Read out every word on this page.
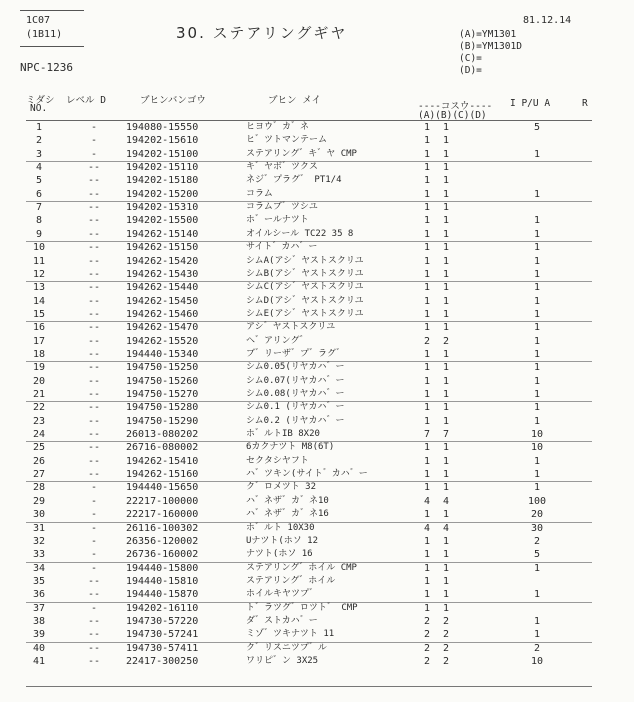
1C07
(1B11)
NPC-1236
30. ステアリングギヤ
81.12.14
(A)=YM1301
(B)=YM1301D
(C)=
(D)=
ミダシ
NO.
レベル D	ブヒンバンゴウ	ブヒン メイ
----コスウ---- I P/U A	R
(A)(B)(C)(D)
1	-	194080-15550	ヒヨウ゛カ゛ネ	1 1	5
2	-	194202-15610	ヒ゛ツトマンテーム	1 1
3	-	194202-15100	ステアリング゛キ゛ヤ CMP	1 1	1
4	--	194202-15110	キ゛ヤボ゛ツクス	1 1
5	--	194202-15180	ネジ゛プラグ゛ PT1/4	1 1
6	--	194202-15200	コラム	1 1	1
7	--	194202-15310	コラムブ゛ツシユ	1 1
8	--	194202-15500	ホ゛ールナツト	1 1	1
9	--	194262-15140	オイルシール TC22 35 8	1 1	1
10	--	194262-15150	サイト゛カハ゛ー	1 1	1
11	--	194262-15420	シムA(アシ゛ヤストスクリユ	1 1	1
12	--	194262-15430	シムB(アシ゛ヤストスクリユ	1 1	1
13	--	194262-15440	シムC(アシ゛ヤストスクリユ	1 1	1
14	--	194262-15450	シムD(アシ゛ヤストスクリユ	1 1	1
15	--	194262-15460	シムE(アシ゛ヤストスクリユ	1 1	1
16	--	194262-15470	アシ゛ヤストスクリユ	1 1	1
17	--	194262-15520	ヘ゛アリング゛	2 2	1
18	--	194440-15340	ブ゛リーザ゛プ゛ラグ゛	1 1	1
19	--	194750-15250	シム0.05(リヤカハ゛ー	1 1	1
20	--	194750-15260	シム0.07(リヤカハ゛ー	1 1	1
21	--	194750-15270	シム0.08(リヤカハ゛ー	1 1	1
22	--	194750-15280	シム0.1 (リヤカハ゛ー	1 1	1
23	--	194750-15290	シム0.2 (リヤカハ゛ー	1 1	1
24	--	26013-080202	ホ゛ルトIB 8X20	7 7	10
25	--	26716-080002	6カクナツト M8(6T)	1 1	10
26	--	194262-15410	セクタシヤフト	1 1	1
27	--	194262-15160	ハ゛ツキン(サイト゛カハ゛ー	1 1	1
28	-	194440-15650	ク゛ロメツト 32	1 1	1
29	-	22217-100000	ハ゛ネザ゛カ゛ネ10	4 4	100
30	-	22217-160000	ハ゛ネザ゛カ゛ネ16	1 1	20
31	-	26116-100302	ホ゛ルト 10X30	4 4	30
32	-	26356-120002	Uナツト(ホソ 12	1 1	2
33	-	26736-160002	ナツト(ホソ 16	1 1	5
34	-	194440-15800	ステアリング゛ホイル CMP	1 1	1
35	--	194440-15810	ステアリング゛ホイル	1 1
36	--	194440-15870	ホイルキヤツプ゛	1 1	1
37	-	194202-16110	ト゛ラツグ゛ロツト゛ CMP	1 1
38	--	194730-57220	ダ゛ストカハ゛ー	2 2	1
39	--	194730-57241	ミゾ゛ツキナツト 11	2 2	1
40	--	194730-57411	ク゛リスニツプ゛ル	2 2	2
41	--	22417-300250	ワリピ゛ン 3X25	2 2	10
